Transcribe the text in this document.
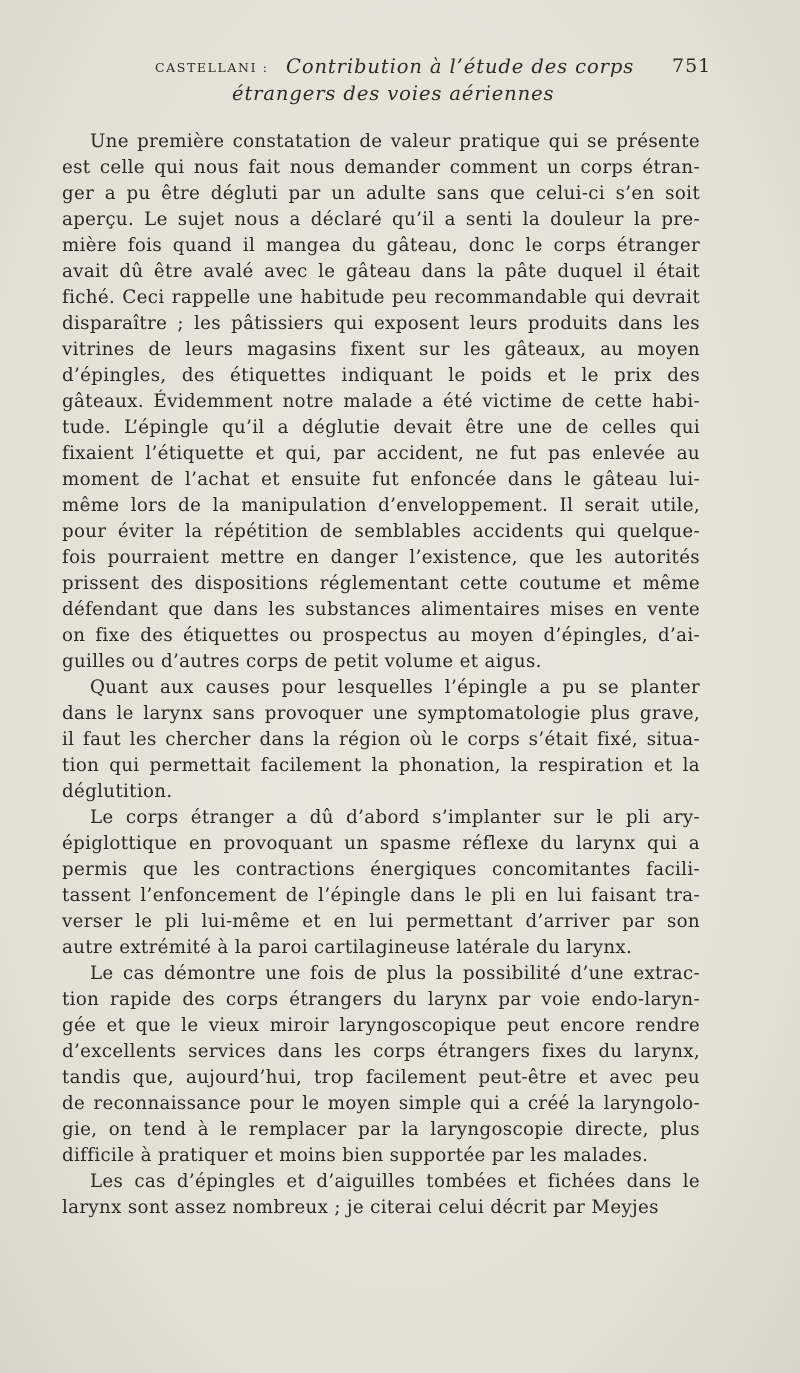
CASTELLANI : Contribution à l’étude des corps 751
étrangers des voies aériennes

Une première constatation de valeur pratique qui se présente
est celle qui nous fait nous demander comment un corps étran-
ger a pu être dégluti par un adulte sans que celui-ci s’en soit
aperçu. Le sujet nous a déclaré qu’il a senti la douleur la pre-
mière fois quand il mangea du gâteau, donc le corps étranger
avait dû être avalé avec le gâteau dans la pâte duquel il était
fiché. Ceci rappelle une habitude peu recommandable qui devrait
disparaître ; les pâtissiers qui exposent leurs produits dans les
vitrines de leurs magasins fixent sur les gâteaux, au moyen
d’épingles, des étiquettes indiquant le poids et le prix des
gâteaux. Évidemment notre malade a été victime de cette habi-
tude. L’épingle qu’il a déglutie devait être une de celles qui
fixaient l’étiquette et qui, par accident, ne fut pas enlevée au
moment de l’achat et ensuite fut enfoncée dans le gâteau lui-
même lors de la manipulation d’enveloppement. Il serait utile,
pour éviter la répétition de semblables accidents qui quelque-
fois pourraient mettre en danger l’existence, que les autorités
prissent des dispositions réglementant cette coutume et même
défendant que dans les substances alimentaires mises en vente
on fixe des étiquettes ou prospectus au moyen d’épingles, d’ai-
guilles ou d’autres corps de petit volume et aigus.

Quant aux causes pour lesquelles l’épingle a pu se planter
dans le larynx sans provoquer une symptomatologie plus grave,
il faut les chercher dans la région où le corps s’était fixé, situa-
tion qui permettait facilement la phonation, la respiration et la
déglutition.

Le corps étranger a dû d’abord s’implanter sur le pli ary-
épiglottique en provoquant un spasme réflexe du larynx qui a
permis que les contractions énergiques concomitantes facili-
tassent l’enfoncement de l’épingle dans le pli en lui faisant tra-
verser le pli lui-même et en lui permettant d’arriver par son
autre extrémité à la paroi cartilagineuse latérale du larynx.

Le cas démontre une fois de plus la possibilité d’une extrac-
tion rapide des corps étrangers du larynx par voie endo-laryn-
gée et que le vieux miroir laryngoscopique peut encore rendre
d’excellents services dans les corps étrangers fixes du larynx,
tandis que, aujourd’hui, trop facilement peut-être et avec peu
de reconnaissance pour le moyen simple qui a créé la laryngolo-
gie, on tend à le remplacer par la laryngoscopie directe, plus
difficile à pratiquer et moins bien supportée par les malades.

Les cas d’épingles et d’aiguilles tombées et fichées dans le
larynx sont assez nombreux ; je citerai celui décrit par Meyjes
